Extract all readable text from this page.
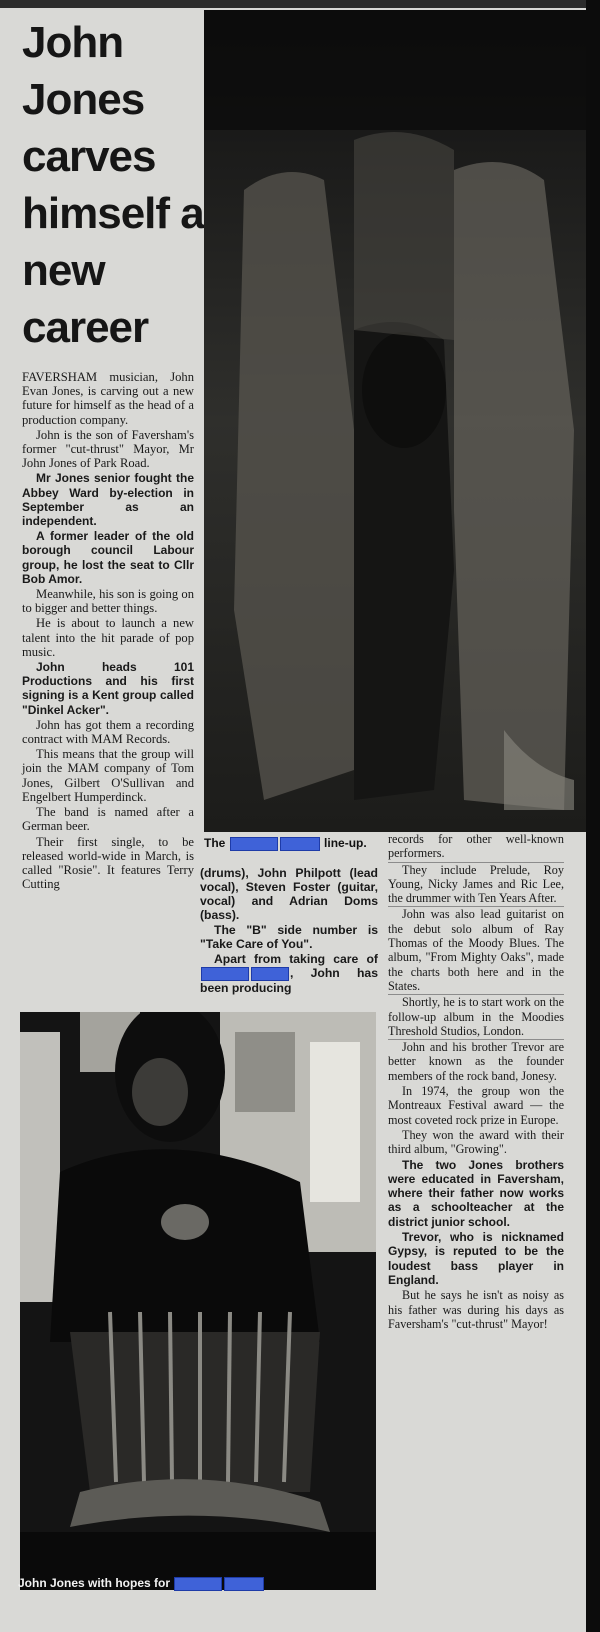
John Jones carves himself a new career

FAVERSHAM musician, John Evan Jones, is carving out a new future for himself as the head of a production company.

John is the son of Faversham's former "cut-thrust" Mayor, Mr John Jones of Park Road.

Mr Jones senior fought the Abbey Ward by-election in September as an independent.

A former leader of the old borough council Labour group, he lost the seat to Cllr Bob Amor.

Meanwhile, his son is going on to bigger and better things.

He is about to launch a new talent into the hit parade of pop music.

John heads 101 Productions and his first signing is a Kent group called "Dinkel Acker".

John has got them a recording contract with MAM Records.

This means that the group will join the MAM company of Tom Jones, Gilbert O'Sullivan and Engelbert Humperdinck.

The band is named after a German beer.

Their first single, to be released world-wide in March, is called "Rosie". It features Terry Cutting

The	line-up.

(drums), John Philpott (lead vocal), Steven Foster (guitar, vocal) and Adrian Doms (bass).

The "B" side number is "Take Care of You".

Apart from taking care of , John has been producing

records for other well-known performers.

They include Prelude, Roy Young, Nicky James and Ric Lee, the drummer with Ten Years After.

John was also lead guitarist on the debut solo album of Ray Thomas of the Moody Blues. The album, "From Mighty Oaks", made the charts both here and in the States.

Shortly, he is to start work on the follow-up album in the Moodies Threshold Studios, London.

John and his brother Trevor are better known as the founder members of the rock band, Jonesy.

In 1974, the group won the Montreaux Festival award — the most coveted rock prize in Europe.

They won the award with their third album, "Growing".

The two Jones brothers were educated in Faversham, where their father now works as a schoolteacher at the district junior school.

Trevor, who is nicknamed Gypsy, is reputed to be the loudest bass player in England.

But he says he isn't as noisy as his father was during his days as Faversham's "cut-thrust" Mayor!

John Jones with hopes for
